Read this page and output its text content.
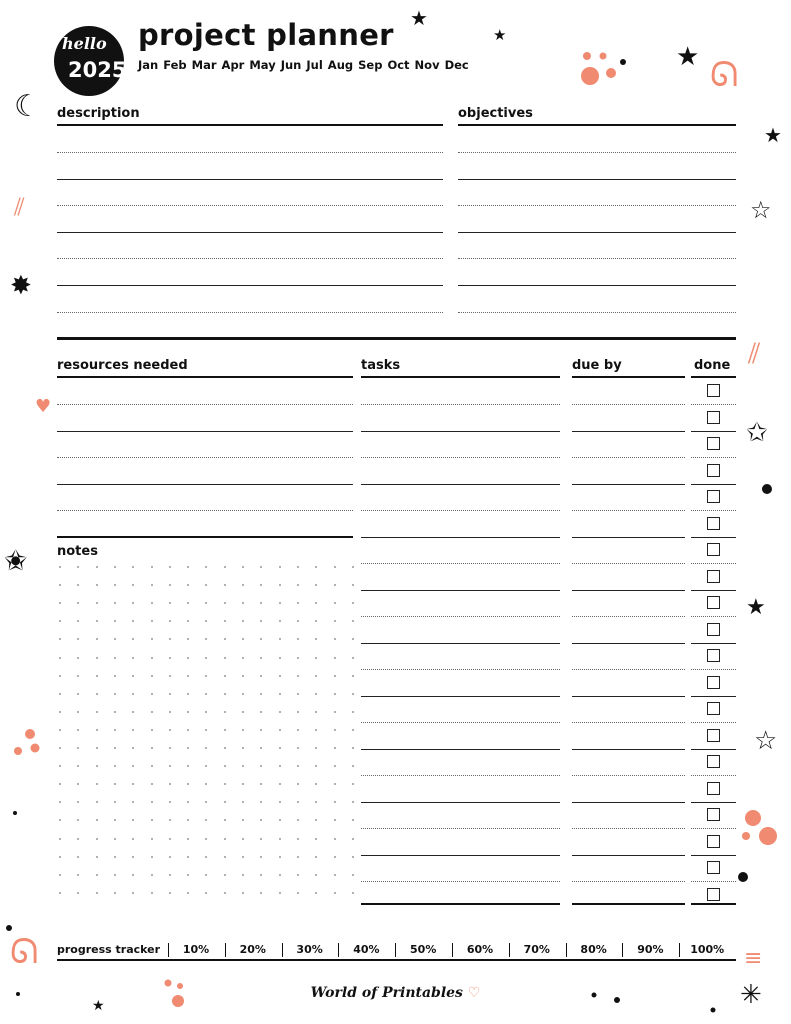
hello
2025
project planner
Jan Feb Mar Apr May Jun Jul Aug Sep Oct Nov Dec
description	objectives
resources needed	tasks	due by	done
notes
progress tracker	10%	20%	30%	40%	50%	60%	70%	80%	90%	100%
World of Printables ♡
★
★
★
★
☆
✩
★
☆
✸
✬
★	✳
☾
♥
⫽
⫽
ᘏ
ᘏ	≡
